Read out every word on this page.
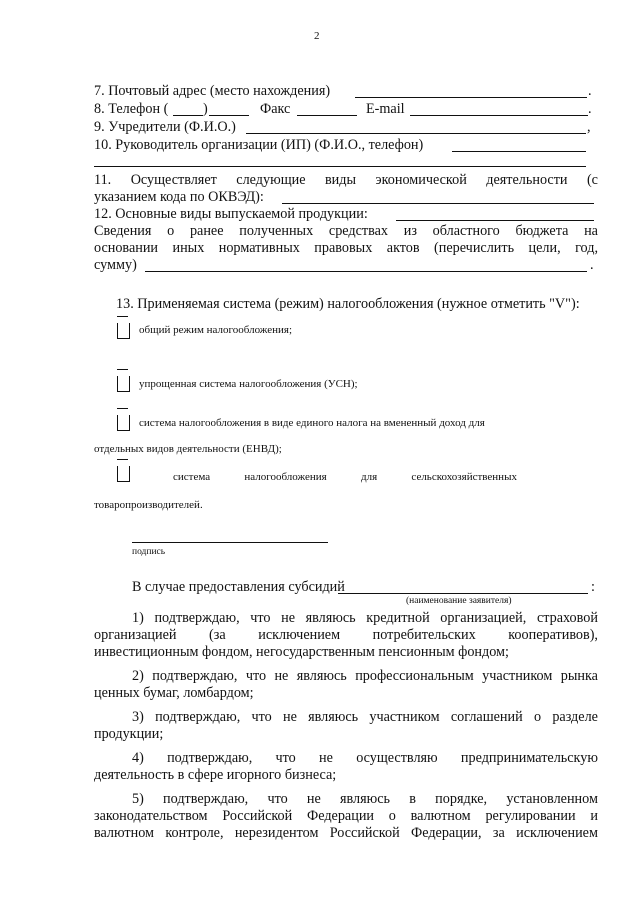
2
7. Почтовый адрес (место нахождения)	.
8. Телефон ( )	Факс	E-mail	.
9. Учредители (Ф.И.О.)	,
10. Руководитель организации (ИП) (Ф.И.О., телефон)
11. Осуществляет следующие виды экономической деятельности (с
указанием кода по ОКВЭД):
12. Основные виды выпускаемой продукции:
Сведения о ранее полученных средствах из областного бюджета на
основании иных нормативных правовых актов (перечислить цели, год,
сумму)	.
13. Применяемая система (режим) налогообложения (нужное отметить "V"):
общий режим налогообложения;
упрощенная система налогообложения (УСН);
система налогообложения в виде единого налога на вмененный доход для
отдельных видов деятельности (ЕНВД);
система	налогообложения	для	сельскохозяйственных
товаропроизводителей.
подпись
В случае предоставления субсидий	:
(наименование заявителя)
1) подтверждаю, что не являюсь кредитной организацией, страховой
организацией (за исключением потребительских кооперативов),
инвестиционным фондом, негосударственным пенсионным фондом;
2) подтверждаю, что не являюсь профессиональным участником рынка
ценных бумаг, ломбардом;
3) подтверждаю, что не являюсь участником соглашений о разделе
продукции;
4) подтверждаю, что не осуществляю предпринимательскую
деятельность в сфере игорного бизнеса;
5) подтверждаю, что не являюсь в порядке, установленном
законодательством Российской Федерации о валютном регулировании и
валютном контроле, нерезидентом Российской Федерации, за исключением
